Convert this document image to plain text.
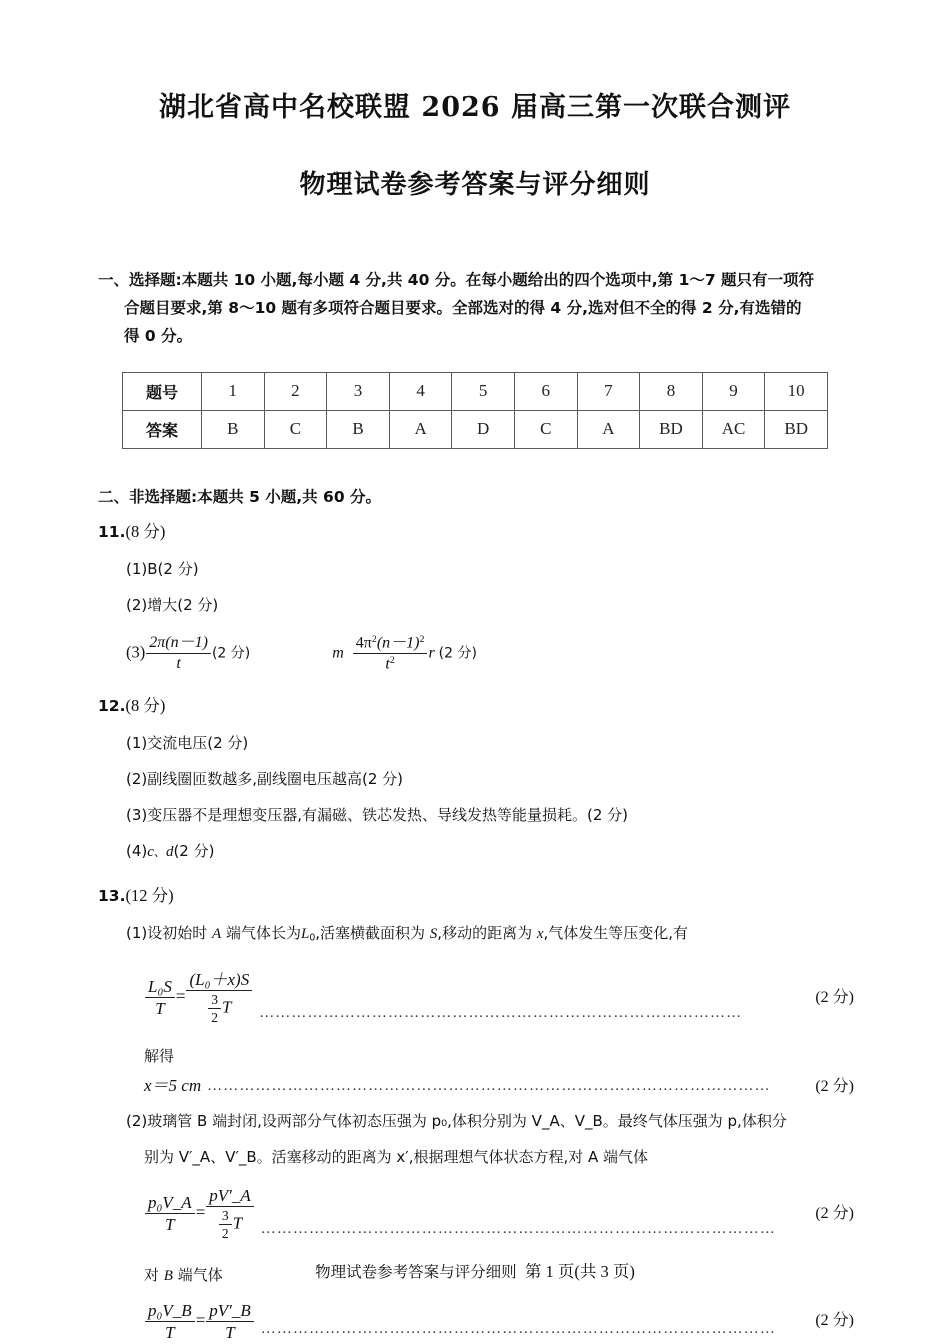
湖北省高中名校联盟 2026 届高三第一次联合测评
物理试卷参考答案与评分细则
一、选择题:本题共 10 小题,每小题 4 分,共 40 分。在每小题给出的四个选项中,第 1～7 题只有一项符
合题目要求,第 8～10 题有多项符合题目要求。全部选对的得 4 分,选对但不全的得 2 分,有选错的
得 0 分。
题号	1	2	3	4	5	6	7	8	9	10
答案	B	C	B	A	D	C	A	BD	AC	BD
二、非选择题:本题共 5 小题,共 60 分。
11.(8 分)
(1)B(2 分)
(2)增大(2 分)
$(3) \frac{2\pi(n-1)}{t} (2$ 分)	m $\frac{4\pi^2(n-1)^2}{t^2}$ r (2 分)
12.(8 分)
(1)交流电压(2 分)
(2)副线圈匝数越多,副线圈电压越高(2 分)
(3)变压器不是理想变压器,有漏磁、铁芯发热、导线发热等能量损耗。(2 分)
(4)c、d(2 分)
13.(12 分)
(1)设初始时 A 端气体长为$L_0$,活塞横截面积为 S,移动的距离为 x,气体发生等压变化,有
$\frac{\text{L₀S}}{T} = \frac{\text{(L₀＋x)S}}{\frac{3}{2} T}$ ………………………………………………………………………………
(2 分)
解得
x＝5 cm ……………………………………………………………………………………………	(2 分)
(2)玻璃管 B 端封闭,设两部分气体初态压强为 p₀,体积分别为 V_A、V_B。最终气体压强为 p,体积分
别为 V′_A、V′_B。活塞移动的距离为 x′,根据理想气体状态方程,对 A 端气体
$\frac{\text{p₀V\_A}}{T} = \frac{pV'\_A}{\frac{3}{2} T}$ ……………………………………………………………………………………
(2 分)
对 B 端气体
$\frac{\text{p₀V\_B}}{T} = \frac{pV'\_B}{T}$ ……………………………………………………………………………………	(2 分)
物理试卷参考答案与评分细则 第 1 页(共 3 页)
